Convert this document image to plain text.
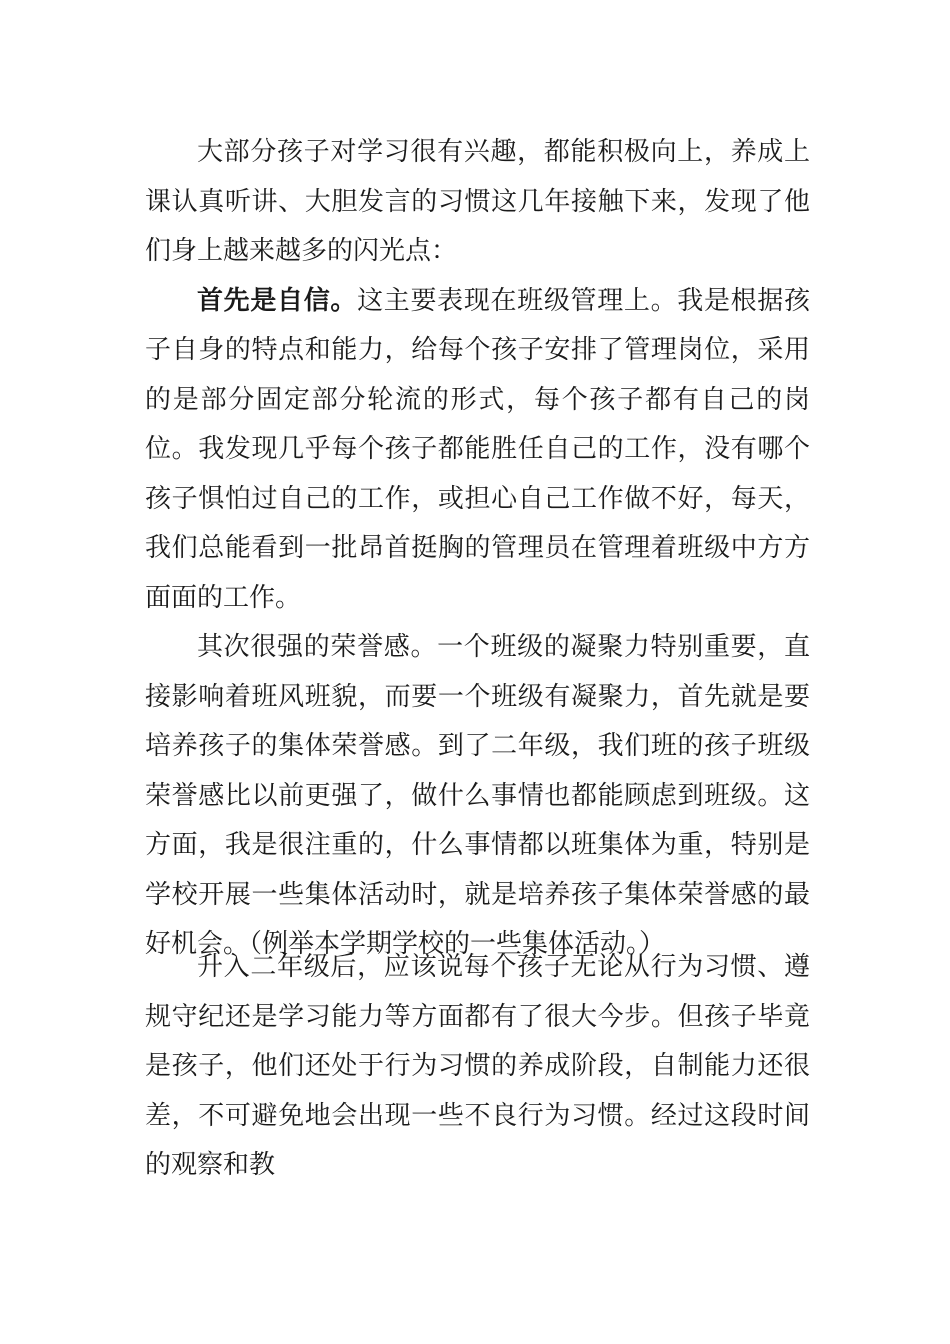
大部分孩子对学习很有兴趣，都能积极向上，养成上课认真听讲、大胆发言的习惯这几年接触下来，发现了他们身上越来越多的闪光点：

首先是自信。这主要表现在班级管理上。我是根据孩子自身的特点和能力，给每个孩子安排了管理岗位，采用的是部分固定部分轮流的形式，每个孩子都有自己的岗位。我发现几乎每个孩子都能胜任自己的工作，没有哪个孩子惧怕过自己的工作，或担心自己工作做不好，每天，我们总能看到一批昂首挺胸的管理员在管理着班级中方方面面的工作。

其次很强的荣誉感。一个班级的凝聚力特别重要，直接影响着班风班貌，而要一个班级有凝聚力，首先就是要培养孩子的集体荣誉感。到了二年级，我们班的孩子班级荣誉感比以前更强了，做什么事情也都能顾虑到班级。这方面，我是很注重的，什么事情都以班集体为重，特别是学校开展一些集体活动时，就是培养孩子集体荣誉感的最好机会。（例举本学期学校的一些集体活动。）

升入二年级后，应该说每个孩子无论从行为习惯、遵规守纪还是学习能力等方面都有了很大今步。但孩子毕竟是孩子，他们还处于行为习惯的养成阶段，自制能力还很差，不可避免地会出现一些不良行为习惯。经过这段时间的观察和教
